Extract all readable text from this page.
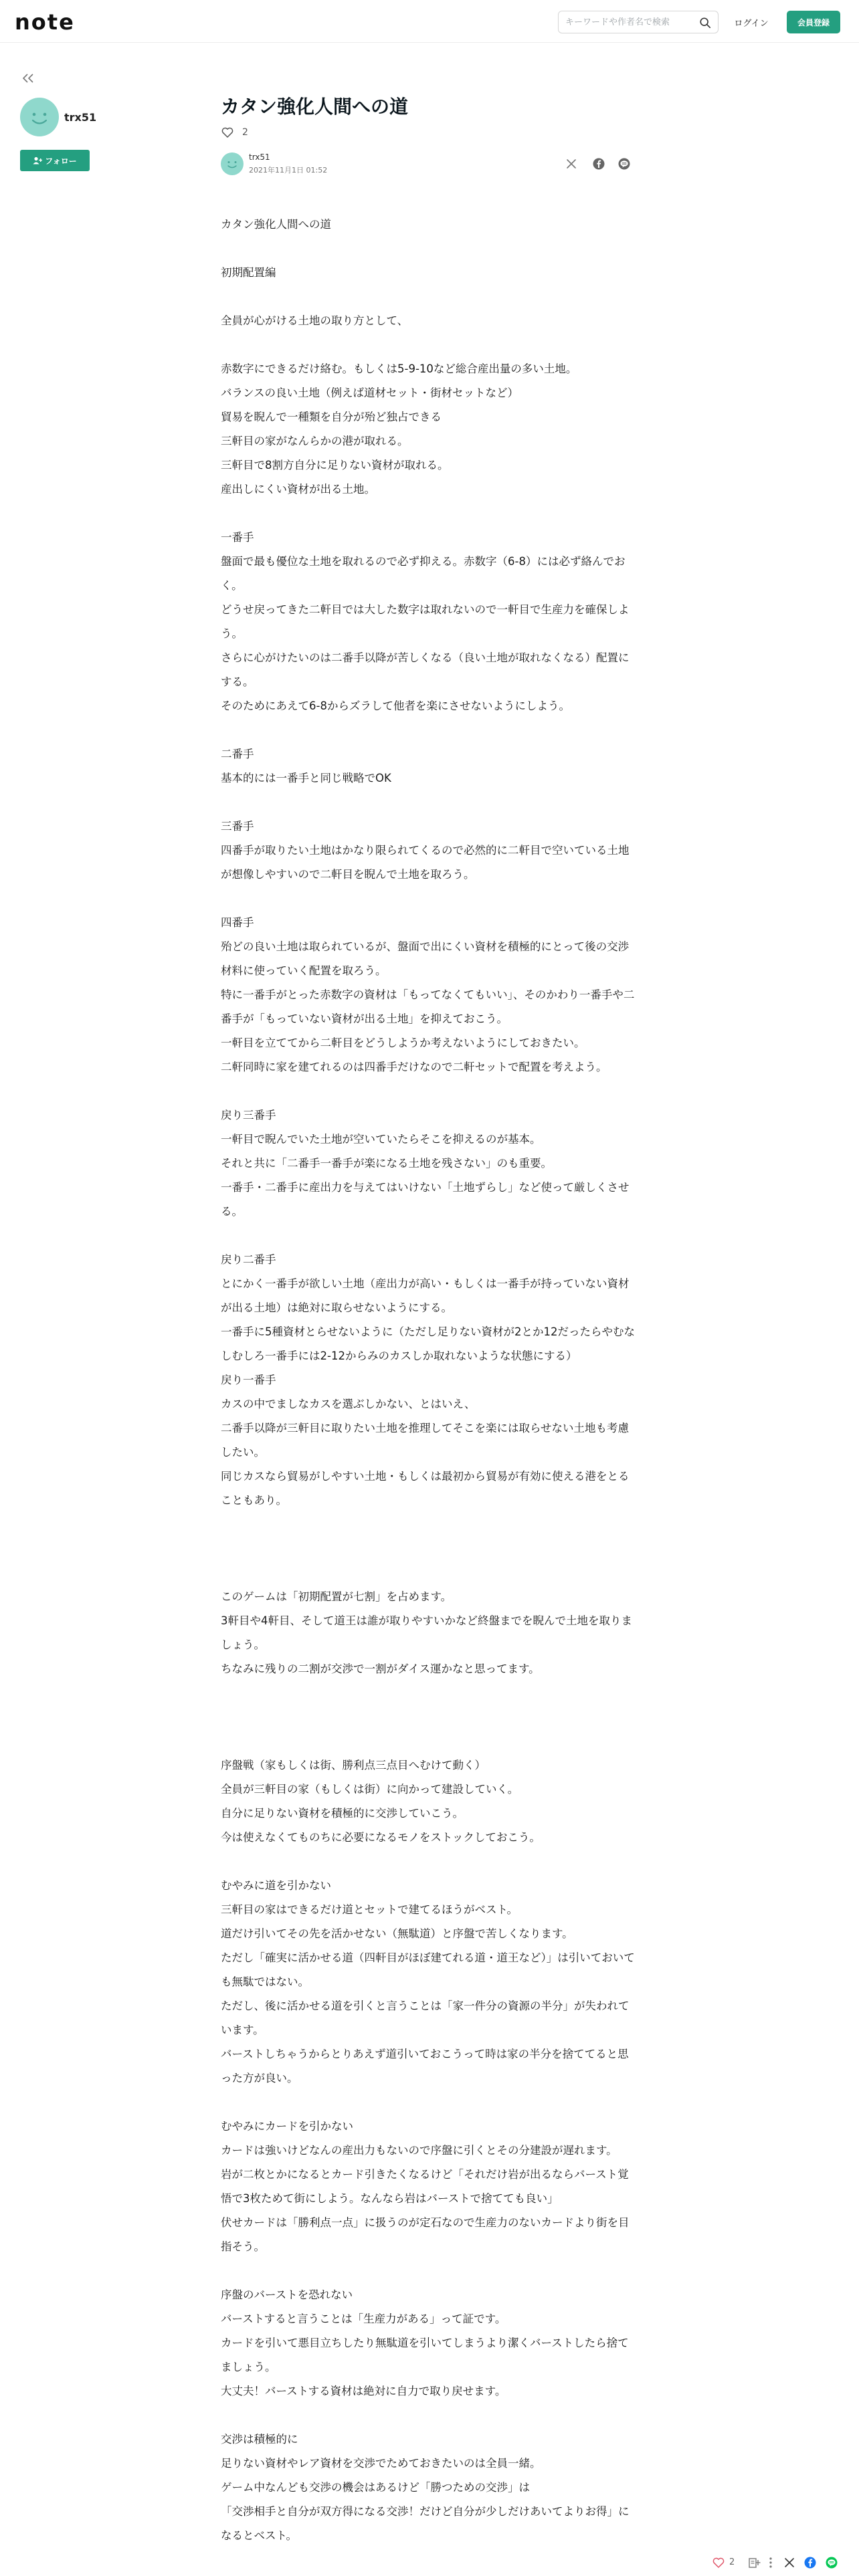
note
キーワードや作者名で検索	ログイン	会員登録
trx51
フォロー
カタン強化人間への道
2
trx51
2021年11月1日 01:52

カタン強化人間への道

初期配置編

全員が心がける土地の取り方として、

赤数字にできるだけ絡む。もしくは5-9-10など総合産出量の多い土地。

バランスの良い土地（例えば道材セット・街材セットなど）

貿易を睨んで一種類を自分が殆ど独占できる

三軒目の家がなんらかの港が取れる。

三軒目で8割方自分に足りない資材が取れる。

産出しにくい資材が出る土地。

一番手

盤面で最も優位な土地を取れるので必ず抑える。赤数字（6-8）には必ず絡んでおく。

どうせ戻ってきた二軒目では大した数字は取れないので一軒目で生産力を確保しよう。

さらに心がけたいのは二番手以降が苦しくなる（良い土地が取れなくなる）配置にする。

そのためにあえて6-8からズラして他者を楽にさせないようにしよう。

二番手

基本的には一番手と同じ戦略でOK

三番手

四番手が取りたい土地はかなり限られてくるので必然的に二軒目で空いている土地が想像しやすいので二軒目を睨んで土地を取ろう。

四番手

殆どの良い土地は取られているが、盤面で出にくい資材を積極的にとって後の交渉材料に使っていく配置を取ろう。

特に一番手がとった赤数字の資材は「もってなくてもいい」、そのかわり一番手や二番手が「もっていない資材が出る土地」を抑えておこう。

一軒目を立ててから二軒目をどうしようか考えないようにしておきたい。

二軒同時に家を建てれるのは四番手だけなので二軒セットで配置を考えよう。

戻り三番手

一軒目で睨んでいた土地が空いていたらそこを抑えるのが基本。

それと共に「二番手一番手が楽になる土地を残さない」のも重要。

一番手・二番手に産出力を与えてはいけない「土地ずらし」など使って厳しくさせる。

戻り二番手

とにかく一番手が欲しい土地（産出力が高い・もしくは一番手が持っていない資材が出る土地）は絶対に取らせないようにする。

一番手に5種資材とらせないように（ただし足りない資材が2とか12だったらやむなしむしろ一番手には2-12からみのカスしか取れないような状態にする）

戻り一番手

カスの中でましなカスを選ぶしかない、とはいえ、

二番手以降が三軒目に取りたい土地を推理してそこを楽には取らせない土地も考慮したい。

同じカスなら貿易がしやすい土地・もしくは最初から貿易が有効に使える港をとることもあり。

このゲームは「初期配置が七割」を占めます。

3軒目や4軒目、そして道王は誰が取りやすいかなど終盤までを睨んで土地を取りましょう。

ちなみに残りの二割が交渉で一割がダイス運かなと思ってます。

序盤戦（家もしくは街、勝利点三点目へむけて動く）

全員が三軒目の家（もしくは街）に向かって建設していく。

自分に足りない資材を積極的に交渉していこう。

今は使えなくてものちに必要になるモノをストックしておこう。

むやみに道を引かない

三軒目の家はできるだけ道とセットで建てるほうがベスト。

道だけ引いてその先を活かせない（無駄道）と序盤で苦しくなります。

ただし「確実に活かせる道（四軒目がほぼ建てれる道・道王など）」は引いておいても無駄ではない。

ただし、後に活かせる道を引くと言うことは「家一件分の資源の半分」が失われています。

バーストしちゃうからとりあえず道引いておこうって時は家の半分を捨ててると思った方が良い。

むやみにカードを引かない

カードは強いけどなんの産出力もないので序盤に引くとその分建設が遅れます。

岩が二枚とかになるとカード引きたくなるけど「それだけ岩が出るならバースト覚悟で3枚ためて街にしよう。なんなら岩はバーストで捨てても良い」

伏せカードは「勝利点一点」に扱うのが定石なので生産力のないカードより街を目指そう。

序盤のバーストを恐れない

バーストすると言うことは「生産力がある」って証です。

カードを引いて悪目立ちしたり無駄道を引いてしまうより潔くバーストしたら捨てましょう。

大丈夫！バーストする資材は絶対に自力で取り戻せます。

交渉は積極的に

足りない資材やレア資材を交渉でためておきたいのは全員一緒。

ゲーム中なんども交渉の機会はあるけど「勝つための交渉」は

「交渉相手と自分が双方得になる交渉！だけど自分が少しだけあいてよりお得」になるとベスト。

2
